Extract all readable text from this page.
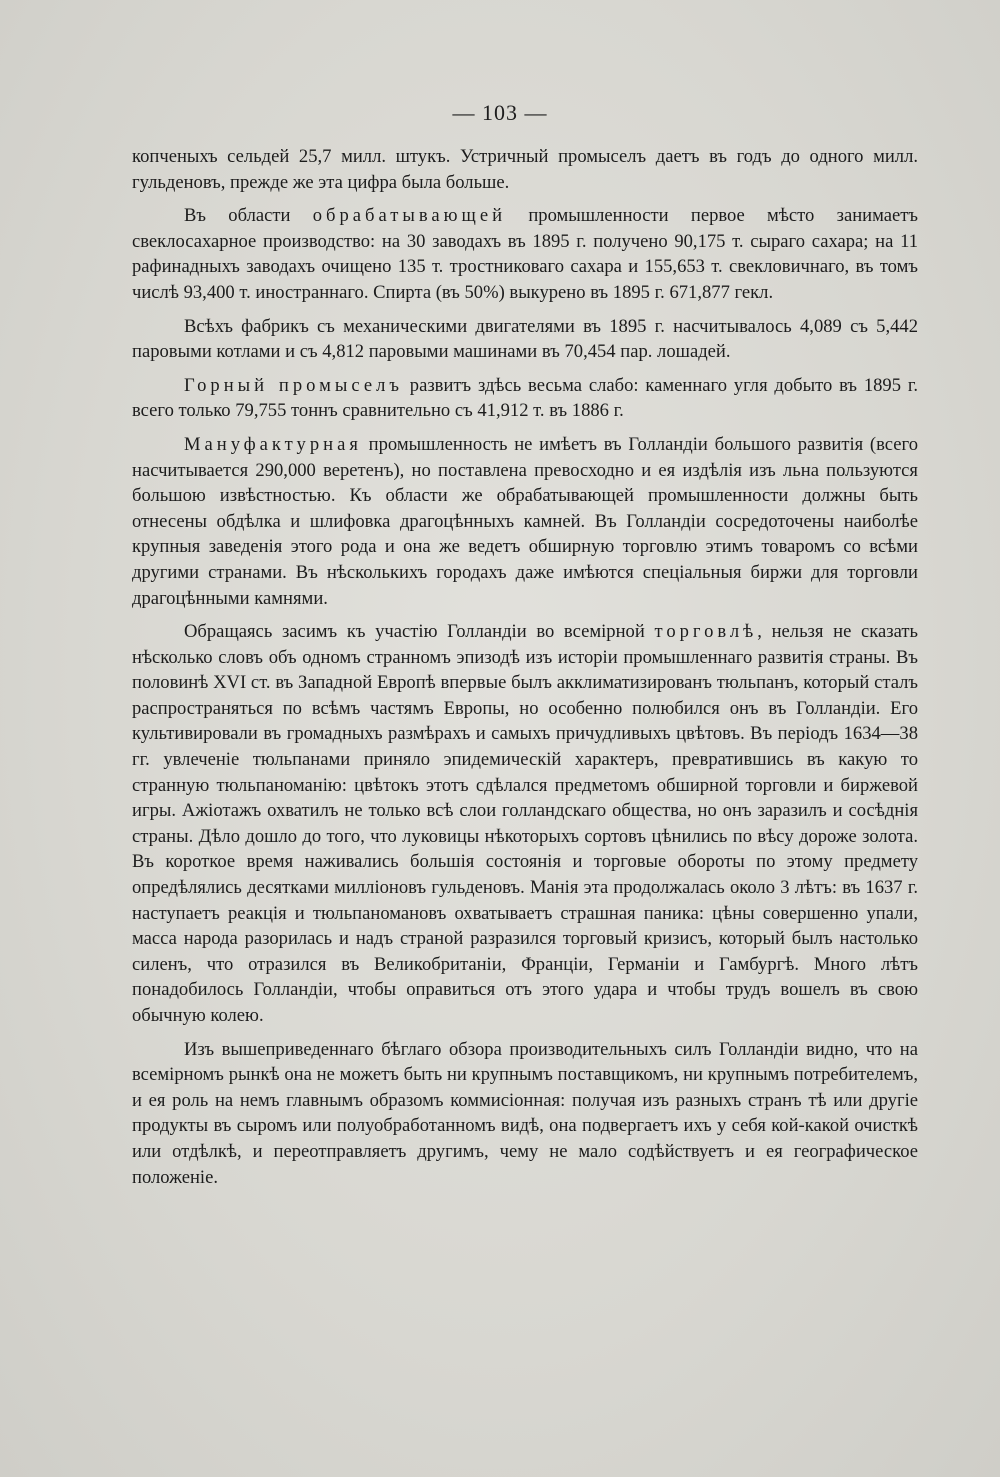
— 103 —

копченыхъ сельдей 25,7 милл. штукъ. Устричный промыселъ даетъ въ годъ до одного милл. гульденовъ, прежде же эта цифра была больше.

Въ области обрабатывающей промышленности первое мѣсто занимаетъ свеклосахарное производство: на 30 заводахъ въ 1895 г. получено 90,175 т. сыраго сахара; на 11 рафинадныхъ заводахъ очищено 135 т. тростниковаго сахара и 155,653 т. свекловичнаго, въ томъ числѣ 93,400 т. иностраннаго. Спирта (въ 50%) выкурено въ 1895 г. 671,877 гекл.

Всѣхъ фабрикъ съ механическими двигателями въ 1895 г. насчитывалось 4,089 съ 5,442 паровыми котлами и съ 4,812 паровыми машинами въ 70,454 пар. лошадей.

Горный промыселъ развитъ здѣсь весьма слабо: каменнаго угля добыто въ 1895 г. всего только 79,755 тоннъ сравнительно съ 41,912 т. въ 1886 г.

Мануфактурная промышленность не имѣетъ въ Голландiи большого развитiя (всего насчитывается 290,000 веретенъ), но поставлена превосходно и ея издѣлiя изъ льна пользуются большою извѣстностью. Къ области же обрабатывающей промышленности должны быть отнесены обдѣлка и шлифовка драгоцѣнныхъ камней. Въ Голландiи сосредоточены наиболѣе крупныя заведенiя этого рода и она же ведетъ обширную торговлю этимъ товаромъ со всѣми другими странами. Въ нѣсколькихъ городахъ даже имѣются спецiальныя биржи для торговли драгоцѣнными камнями.

Обращаясь засимъ къ участiю Голландiи во всемiрной торговлѣ, нельзя не сказать нѣсколько словъ объ одномъ странномъ эпизодѣ изъ исторiи промышленнаго развитiя страны. Въ половинѣ XVI ст. въ Западной Европѣ впервые былъ акклиматизированъ тюльпанъ, который сталъ распространяться по всѣмъ частямъ Европы, но особенно полюбился онъ въ Голландiи. Его культивировали въ громадныхъ размѣрахъ и самыхъ причудливыхъ цвѣтовъ. Въ перiодъ 1634—38 гг. увлеченiе тюльпанами приняло эпидемическiй характеръ, превратившись въ какую то странную тюльпаноманiю: цвѣтокъ этотъ сдѣлался предметомъ обширной торговли и биржевой игры. Ажiотажъ охватилъ не только всѣ слои голландскаго общества, но онъ заразилъ и сосѣднiя страны. Дѣло дошло до того, что луковицы нѣкоторыхъ сортовъ цѣнились по вѣсу дороже золота. Въ короткое время наживались большiя состоянiя и торговые обороты по этому предмету опредѣлялись десятками миллiоновъ гульденовъ. Манiя эта продолжалась около 3 лѣтъ: въ 1637 г. наступаетъ реакцiя и тюльпаномановъ охватываетъ страшная паника: цѣны совершенно упали, масса народа разорилась и надъ страной разразился торговый кризисъ, который былъ настолько силенъ, что отразился въ Великобританiи, Францiи, Германiи и Гамбургѣ. Много лѣтъ понадобилось Голландiи, чтобы оправиться отъ этого удара и чтобы трудъ вошелъ въ свою обычную колею.

Изъ вышеприведеннаго бѣглаго обзора производительныхъ силъ Голландiи видно, что на всемiрномъ рынкѣ она не можетъ быть ни крупнымъ поставщикомъ, ни крупнымъ потребителемъ, и ея роль на немъ главнымъ образомъ коммисiонная: получая изъ разныхъ странъ тѣ или другiе продукты въ сыромъ или полуобработанномъ видѣ, она подвергаетъ ихъ у себя кой-какой очисткѣ или отдѣлкѣ, и переотправляетъ другимъ, чему не мало содѣйствуетъ и ея географическое положенiе.
